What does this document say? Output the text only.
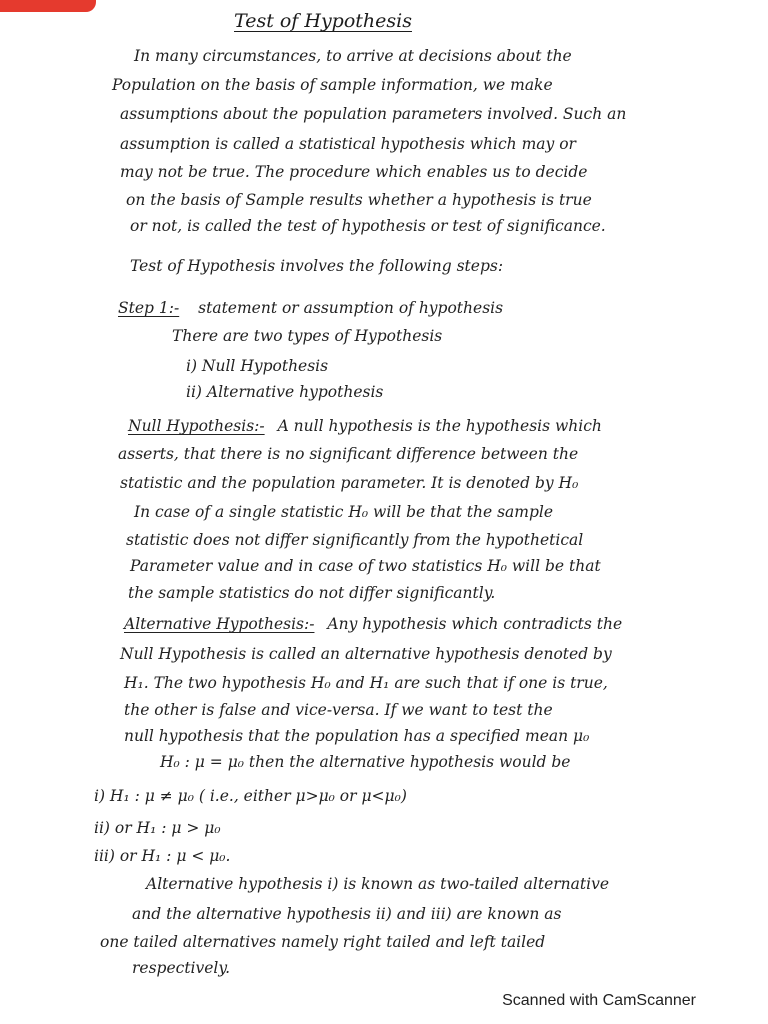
Test of Hypothesis
In many circumstances, to arrive at decisions about the
Population on the basis of sample information, we make
assumptions about the population parameters involved. Such an
assumption is called a statistical hypothesis which may or
may not be true. The procedure which enables us to decide
on the basis of Sample results whether a hypothesis is true
or not, is called the test of hypothesis or test of significance.
Test of Hypothesis involves the following steps:
Step 1:- statement or assumption of hypothesis
There are two types of Hypothesis
i) Null Hypothesis
ii) Alternative hypothesis
Null Hypothesis:- A null hypothesis is the hypothesis which
asserts, that there is no significant difference between the
statistic and the population parameter. It is denoted by H₀
In case of a single statistic H₀ will be that the sample
statistic does not differ significantly from the hypothetical
Parameter value and in case of two statistics H₀ will be that
the sample statistics do not differ significantly.
Alternative Hypothesis:- Any hypothesis which contradicts the
Null Hypothesis is called an alternative hypothesis denoted by
H₁. The two hypothesis H₀ and H₁ are such that if one is true,
the other is false and vice-versa. If we want to test the
null hypothesis that the population has a specified mean μ₀
H₀ : μ = μ₀ then the alternative hypothesis would be
i) H₁ : μ ≠ μ₀ ( i.e., either μ>μ₀ or μ<μ₀)
ii) or H₁ : μ > μ₀
iii) or H₁ : μ < μ₀.
Alternative hypothesis i) is known as two-tailed alternative
and the alternative hypothesis ii) and iii) are known as
one tailed alternatives namely right tailed and left tailed
respectively.
Scanned with CamScanner
